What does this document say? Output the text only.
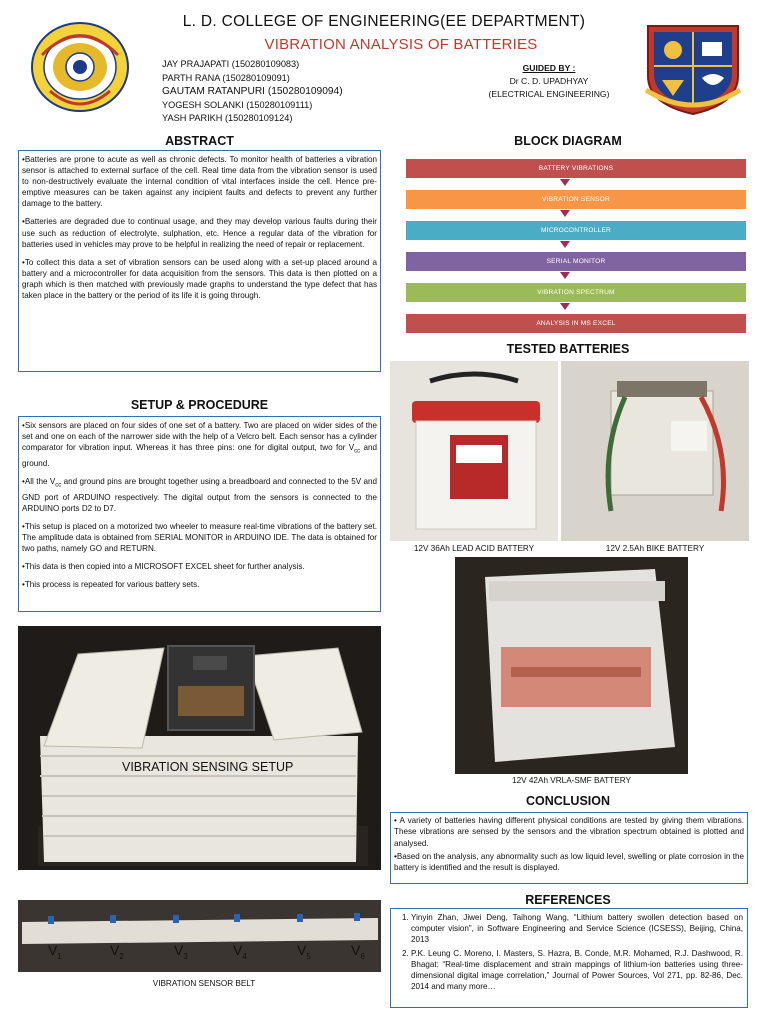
L. D. COLLEGE OF ENGINEERING(EE DEPARTMENT)
VIBRATION ANALYSIS OF BATTERIES
JAY PRAJAPATI (150280109083)
PARTH RANA (150280109091)
GAUTAM RATANPURI (150280109094)
YOGESH SOLANKI (150280109111)
YASH PARIKH (150280109124)
GUIDED BY :
Dr C. D. UPADHYAY
(ELECTRICAL ENGINEERING)
ABSTRACT

•Batteries are prone to acute as well as chronic defects. To monitor health of batteries a vibration sensor is attached to external surface of the cell. Real time data from the vibration sensor is used to non-destructively evaluate the internal condition of vital interfaces inside the cell. Hence pre-emptive measures can be taken against any incipient faults and defects to prevent any further damage to the battery.

•Batteries are degraded due to continual usage, and they may develop various faults during their use such as reduction of electrolyte, sulphation, etc. Hence a regular data of the vibration for batteries used in vehicles may prove to be helpful in realizing the need of repair or replacement.

•To collect this data a set of vibration sensors can be used along with a set-up placed around a battery and a microcontroller for data acquisition from the sensors. This data is then plotted on a graph which is then matched with previously made graphs to understand the type defect that has taken place in the battery or the period of its life it is going through.

SETUP & PROCEDURE

•Six sensors are placed on four sides of one set of a battery. Two are placed on wider sides of the set and one on each of the narrower side with the help of a Velcro belt. Each sensor has a cylinder comparator for vibration input. Whereas it has three pins: one for digital output, two for $V_{cc}$ and ground.

•All the $V_{cc}$ and ground pins are brought together using a breadboard and connected to the 5V and GND port of ARDUINO respectively. The digital output from the sensors is connected to the ARDUINO ports D2 to D7.

•This setup is placed on a motorized two wheeler to measure real-time vibrations of the battery set. The amplitude data is obtained from SERIAL MONITOR in ARDUINO IDE. The data is obtained for two paths, namely GO and RETURN.

•This data is then copied into a MICROSOFT EXCEL sheet for further analysis.

•This process is repeated for various battery sets.

VIBRATION SENSING SETUP
$V_1$	$V_2$	$V_3$	$V_4$	$V_5$	$V_6$
VIBRATION SENSOR BELT
BLOCK DIAGRAM
BATTERY VIBRATIONS
VIBRATION SENSOR
MICROCONTROLLER
SERIAL MONITOR
VIBRATION SPECTRUM
ANALYSIS IN MS EXCEL
TESTED BATTERIES
12V 36Ah LEAD ACID BATTERY	12V 2.5Ah BIKE BATTERY
12V 42Ah VRLA-SMF BATTERY
CONCLUSION

• A variety of batteries having different physical conditions are tested by giving them vibrations. These vibrations are sensed by the sensors and the vibration spectrum obtained is plotted and analysed.

•Based on the analysis, any abnormality such as low liquid level, swelling or plate corrosion in the battery is identified and the result is displayed.

REFERENCES
1. Yinyin Zhan, Jiwei Deng, Taihong Wang, “Lithium battery swollen detection based on computer vision”, in Software Engineering and Service Science (ICSESS), Beijing, China, 2013
2. P.K. Leung C. Moreno, I. Masters, S. Hazra, B. Conde, M.R. Mohamed, R.J. Dashwood, R. Bhagat: “Real-time displacement and strain mappings of lithium-ion batteries using three- dimensional digital image correlation,” Journal of Power Sources, Vol 271, pp. 82-86, Dec. 2014 and many more…
